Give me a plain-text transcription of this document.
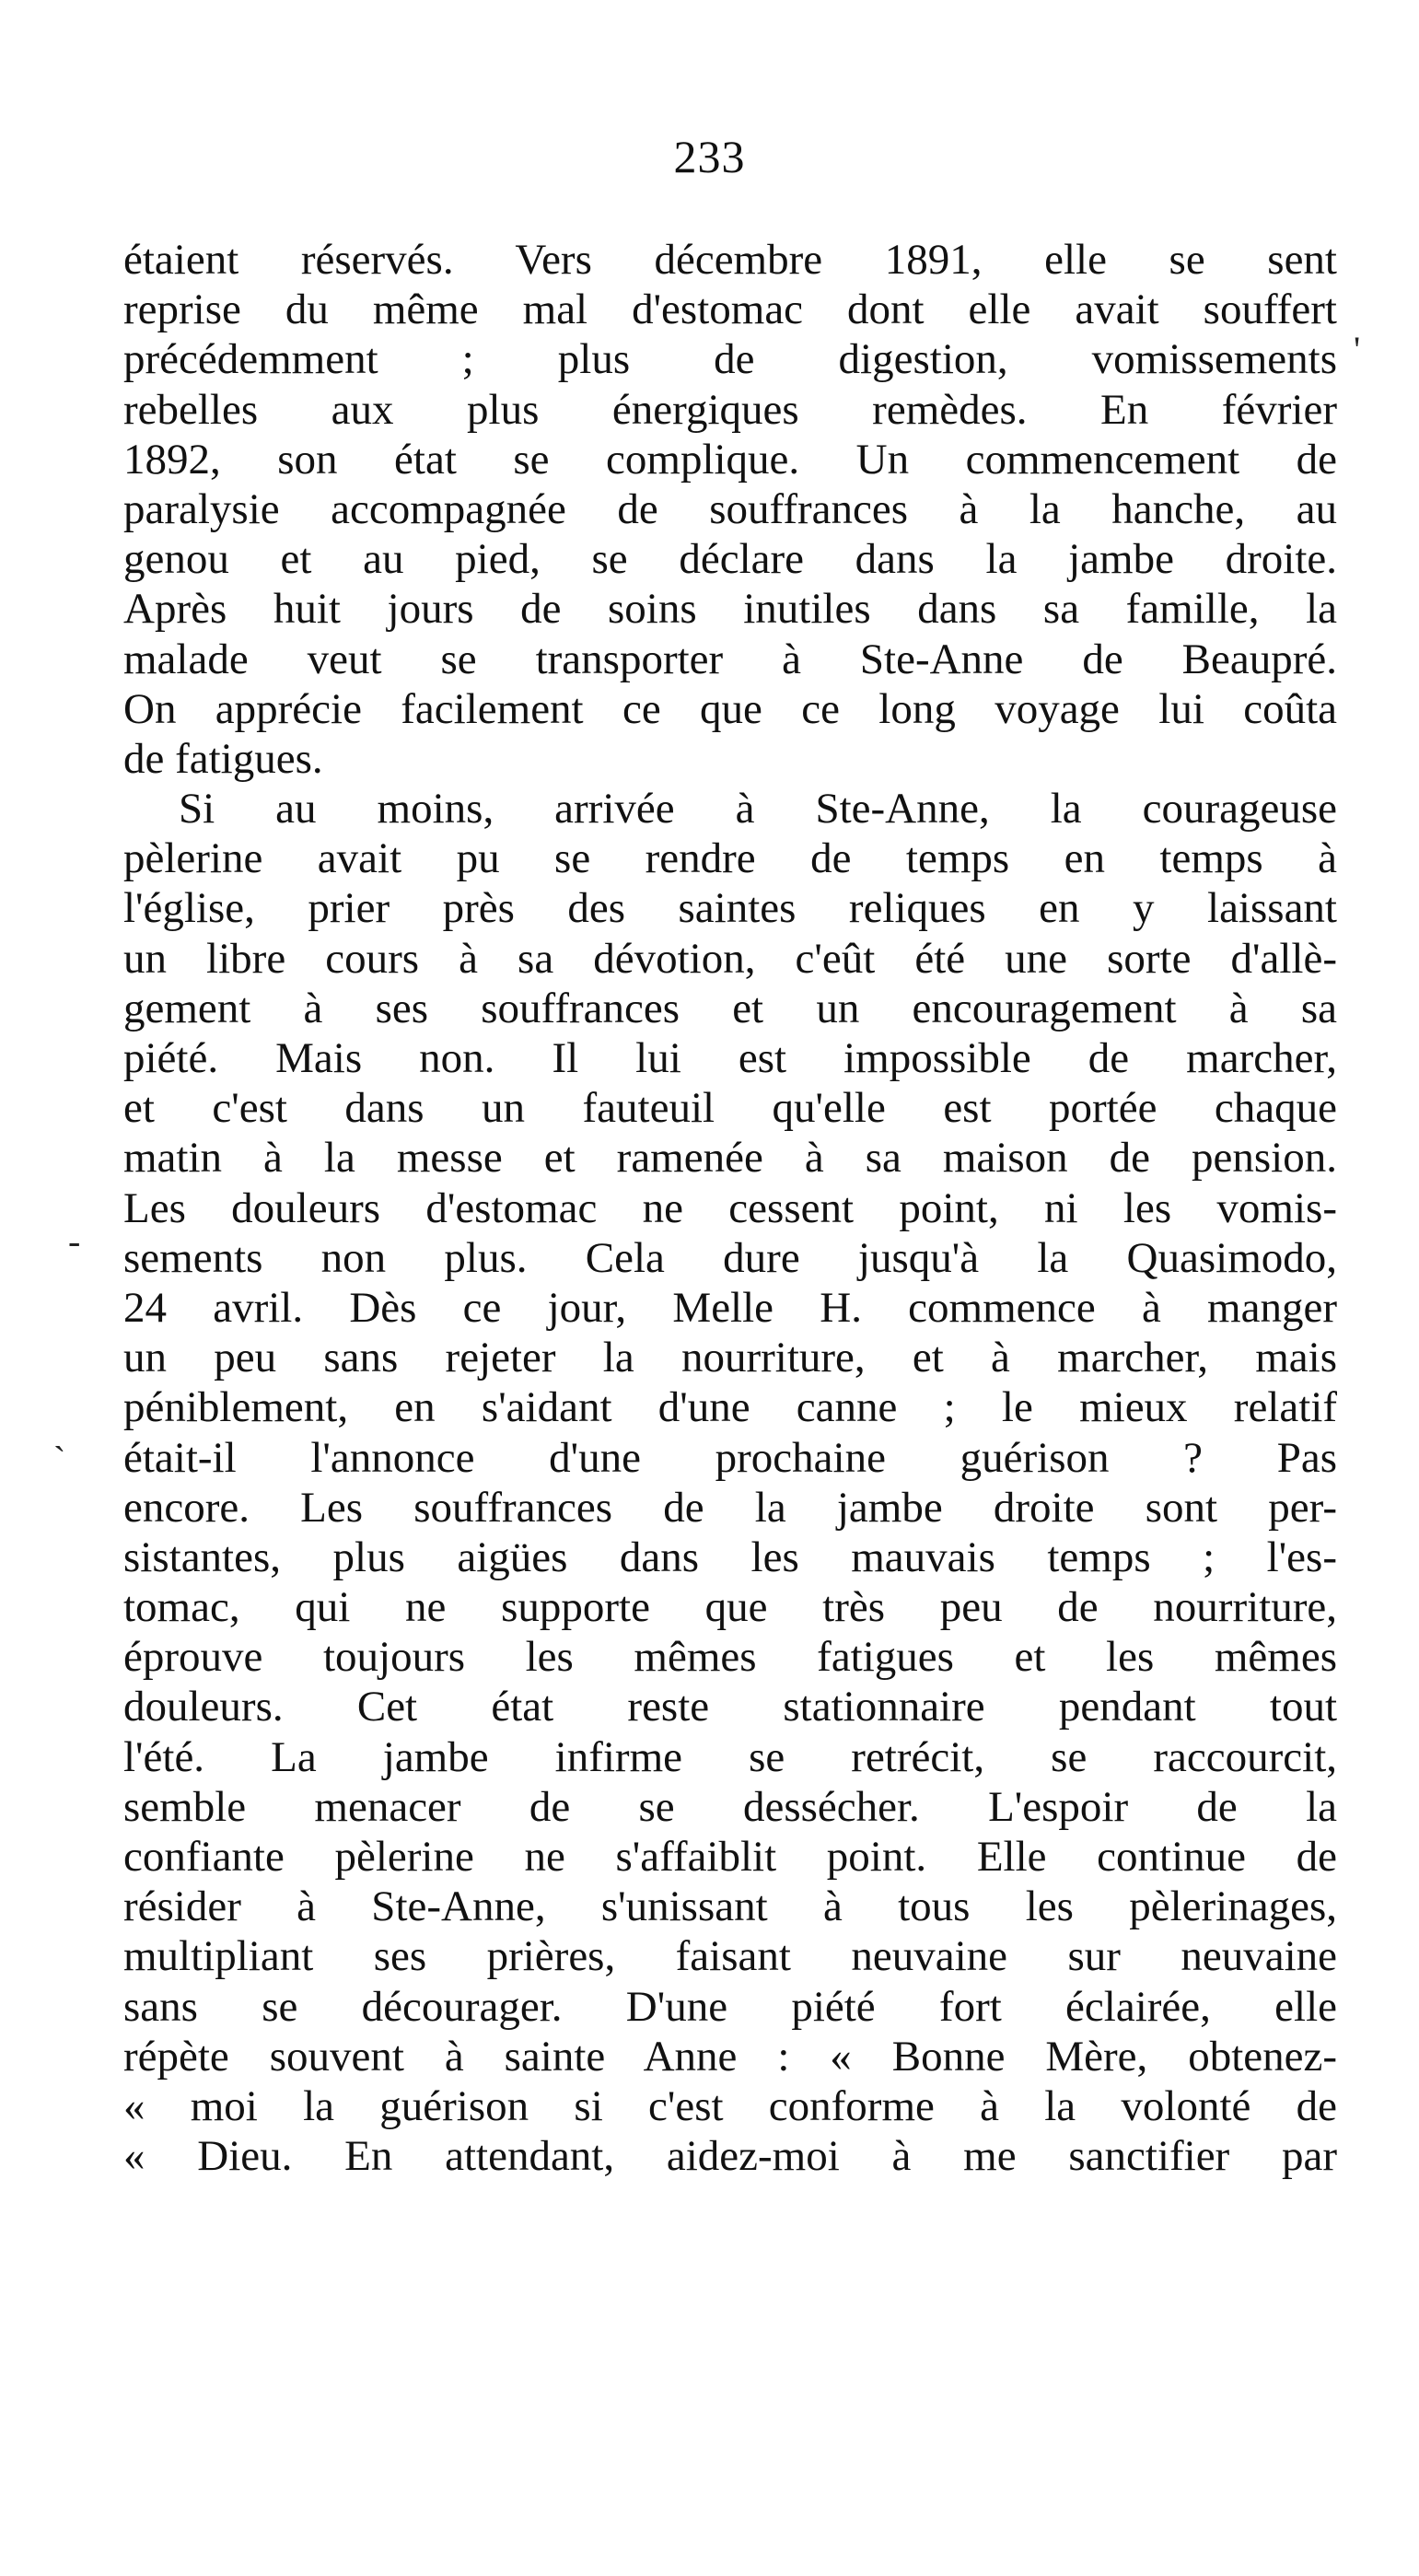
233
étaient réservés. Vers décembre 1891, elle se sent
reprise du même mal d'estomac dont elle avait souffert
précédemment ; plus de digestion, vomissements
rebelles aux plus énergiques remèdes. En février
1892, son état se complique. Un commencement de
paralysie accompagnée de souffrances à la hanche, au
genou et au pied, se déclare dans la jambe droite.
Après huit jours de soins inutiles dans sa famille, la
malade veut se transporter à Ste-Anne de Beaupré.
On apprécie facilement ce que ce long voyage lui coûta
de fatigues.
Si au moins, arrivée à Ste-Anne, la courageuse
pèlerine avait pu se rendre de temps en temps à
l'église, prier près des saintes reliques en y laissant
un libre cours à sa dévotion, c'eût été une sorte d'allè-
gement à ses souffrances et un encouragement à sa
piété. Mais non. Il lui est impossible de marcher,
et c'est dans un fauteuil qu'elle est portée chaque
matin à la messe et ramenée à sa maison de pension.
Les douleurs d'estomac ne cessent point, ni les vomis-
sements non plus. Cela dure jusqu'à la Quasimodo,
24 avril. Dès ce jour, Melle H. commence à manger
un peu sans rejeter la nourriture, et à marcher, mais
péniblement, en s'aidant d'une canne ; le mieux relatif
était-il l'annonce d'une prochaine guérison ? Pas
encore. Les souffrances de la jambe droite sont per-
sistantes, plus aigües dans les mauvais temps ; l'es-
tomac, qui ne supporte que très peu de nourriture,
éprouve toujours les mêmes fatigues et les mêmes
douleurs. Cet état reste stationnaire pendant tout
l'été. La jambe infirme se retrécit, se raccourcit,
semble menacer de se dessécher. L'espoir de la
confiante pèlerine ne s'affaiblit point. Elle continue de
résider à Ste-Anne, s'unissant à tous les pèlerinages,
multipliant ses prières, faisant neuvaine sur neuvaine
sans se décourager. D'une piété fort éclairée, elle
répète souvent à sainte Anne : « Bonne Mère, obtenez-
« moi la guérison si c'est conforme à la volonté de
« Dieu. En attendant, aidez-moi à me sanctifier par
-
`
'
